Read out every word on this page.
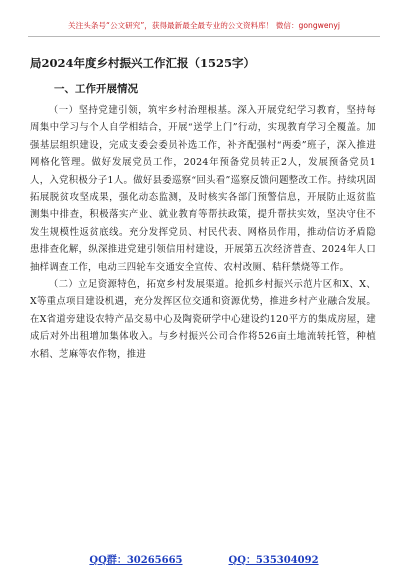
关注头条号“公文研究”，获得最新最全最专业的公文资料库！ 微信：gongwenyj
局2024年度乡村振兴工作汇报（1525字）
一、工作开展情况

（一）坚持党建引领，筑牢乡村治理根基。深入开展党纪学习教育，坚持每周集中学习与个人自学相结合，开展“送学上门”行动，实现教育学习全覆盖。加强基层组织建设，完成支委会委员补选工作，补齐配强村“两委”班子，深入推进网格化管理。做好发展党员工作，2024年预备党员转正2人，发展预备党员1人，入党积极分子1人。做好县委巡察“回头看”巡察反馈问题整改工作。持续巩固拓展脱贫攻坚成果，强化动态监测，及时核实各部门预警信息，开展防止返贫监测集中排查，积极落实产业、就业教育等帮扶政策，提升帮扶实效，坚决守住不发生规模性返贫底线。充分发挥党员、村民代表、网格员作用，推动信访矛盾隐患排查化解，纵深推进党建引领信用村建设，开展第五次经济普查、2024年人口抽样调查工作，电动三四轮车交通安全宣传、农村改厕、秸秆禁烧等工作。

（二）立足资源特色，拓宽乡村发展渠道。抢抓乡村振兴示范片区和X、X、X等重点项目建设机遇，充分发挥区位交通和资源优势，推进乡村产业融合发展。在X省道旁建设农特产品交易中心及陶瓷研学中心建设约120平方的集成房屋，建成后对外出租增加集体收入。与乡村振兴公司合作将526亩土地流转托管，种植水稻、芝麻等农作物，推进

QQ群：30265665	QQ：535304092
